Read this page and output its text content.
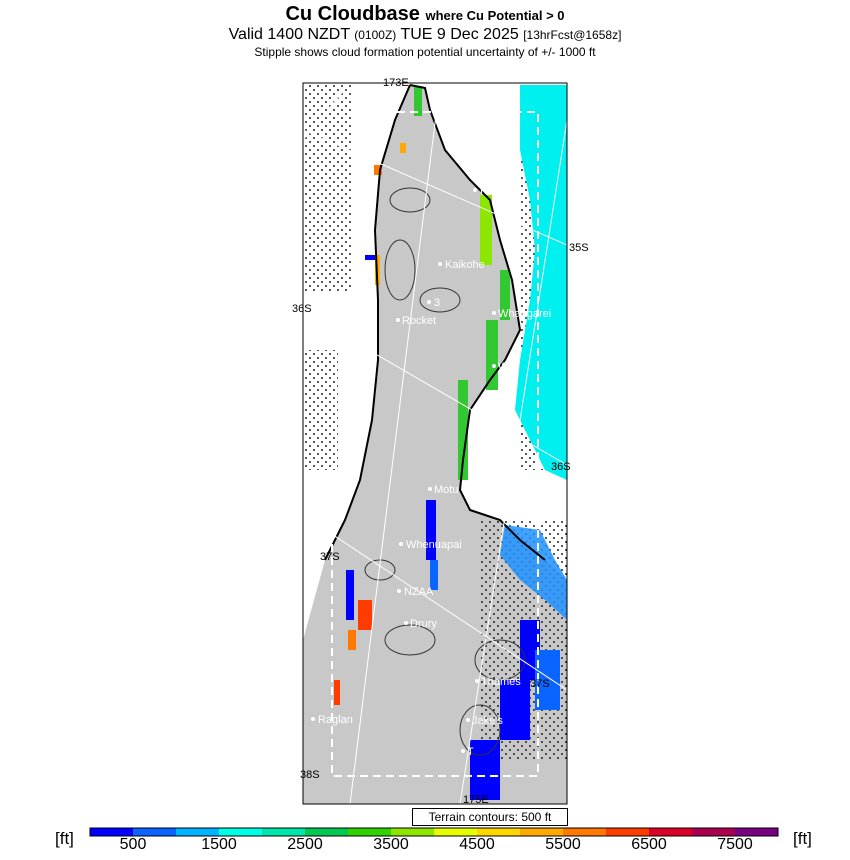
Cu Cloudbase where Cu Potential > 0
Valid 1400 NZDT (0100Z) TUE 9 Dec 2025 [13hrFcst@1658z]
Stipple shows cloud formation potential uncertainty of +/- 1000 ft
173E
35S
36S
36S
37S
37S
38S
175E
Keri
Kaikohe
3
Rocket
Whangarei
WR
Motu
Whenuapai
NZAA
Drury
Thames
Raglan	Jake's
T
Terrain contours: 500 ft
[ft]	[ft]
500	1500	2500	3500	4500	5500	6500	7500
